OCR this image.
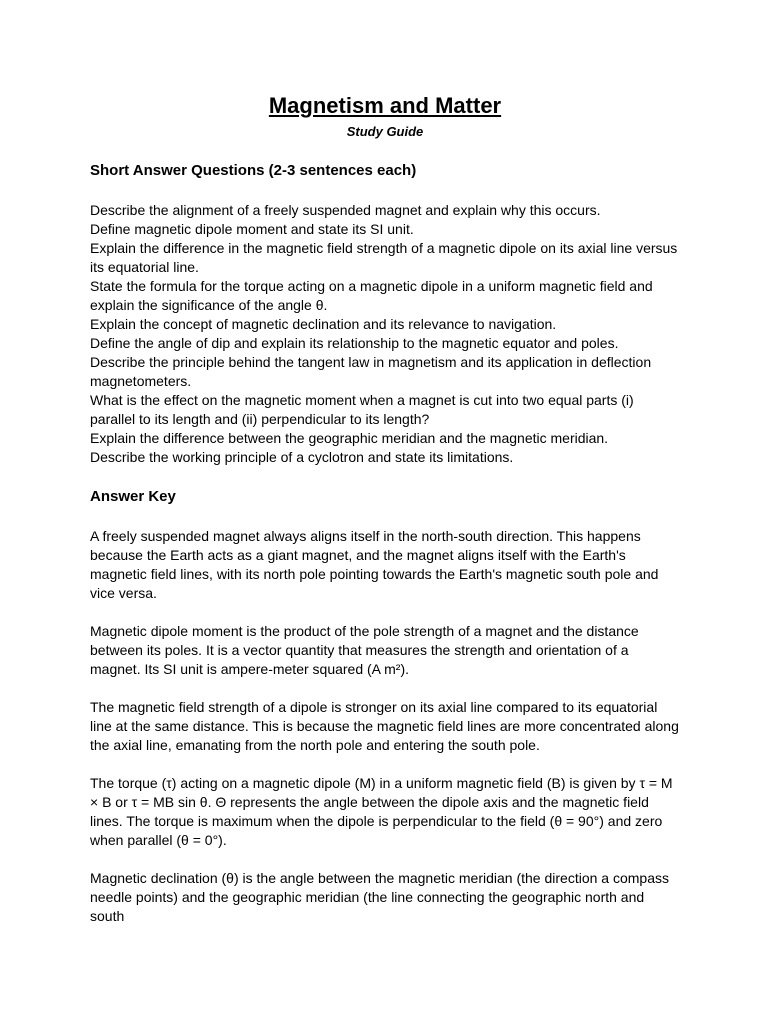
Magnetism and Matter
Study Guide
Short Answer Questions (2-3 sentences each)
Describe the alignment of a freely suspended magnet and explain why this occurs.
Define magnetic dipole moment and state its SI unit.
Explain the difference in the magnetic field strength of a magnetic dipole on its axial line versus its equatorial line.
State the formula for the torque acting on a magnetic dipole in a uniform magnetic field and explain the significance of the angle θ.
Explain the concept of magnetic declination and its relevance to navigation.
Define the angle of dip and explain its relationship to the magnetic equator and poles.
Describe the principle behind the tangent law in magnetism and its application in deflection magnetometers.
What is the effect on the magnetic moment when a magnet is cut into two equal parts (i) parallel to its length and (ii) perpendicular to its length?
Explain the difference between the geographic meridian and the magnetic meridian.
Describe the working principle of a cyclotron and state its limitations.
Answer Key

A freely suspended magnet always aligns itself in the north-south direction. This happens because the Earth acts as a giant magnet, and the magnet aligns itself with the Earth's magnetic field lines, with its north pole pointing towards the Earth's magnetic south pole and vice versa.

Magnetic dipole moment is the product of the pole strength of a magnet and the distance between its poles. It is a vector quantity that measures the strength and orientation of a magnet. Its SI unit is ampere-meter squared (A m²).

The magnetic field strength of a dipole is stronger on its axial line compared to its equatorial line at the same distance. This is because the magnetic field lines are more concentrated along the axial line, emanating from the north pole and entering the south pole.

The torque (τ) acting on a magnetic dipole (M) in a uniform magnetic field (B) is given by τ = M × B or τ = MB sin θ. Θ represents the angle between the dipole axis and the magnetic field lines. The torque is maximum when the dipole is perpendicular to the field (θ = 90°) and zero when parallel (θ = 0°).

Magnetic declination (θ) is the angle between the magnetic meridian (the direction a compass needle points) and the geographic meridian (the line connecting the geographic north and south
